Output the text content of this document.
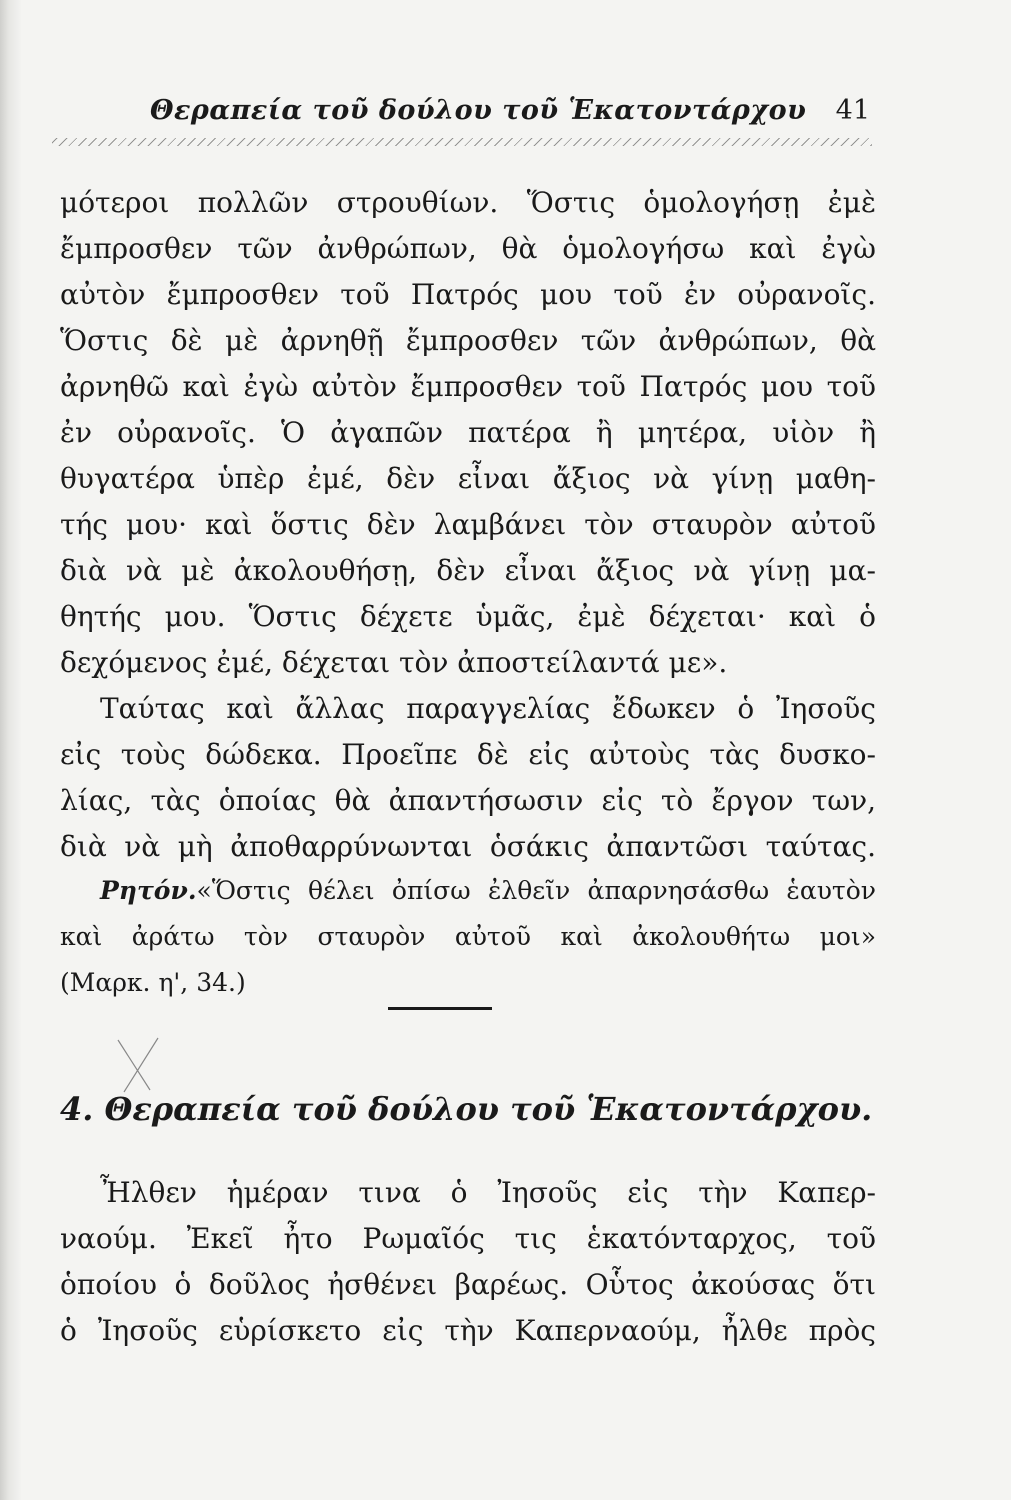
Θεραπεία τοῦ δούλου τοῦ Ἑκατοντάρχου 41
μότεροι πολλῶν στρουθίων. Ὅστις ὁμολογήσῃ ἐμὲ
ἔμπροσθεν τῶν ἀνθρώπων, θὰ ὁμολογήσω καὶ ἐγὼ
αὐτὸν ἔμπροσθεν τοῦ Πατρός μου τοῦ ἐν οὐρανοῖς.
Ὅστις δὲ μὲ ἀρνηθῇ ἔμπροσθεν τῶν ἀνθρώπων, θὰ
ἀρνηθῶ καὶ ἐγὼ αὐτὸν ἔμπροσθεν τοῦ Πατρός μου τοῦ
ἐν οὐρανοῖς. Ὁ ἀγαπῶν πατέρα ἢ μητέρα, υἱὸν ἢ
θυγατέρα ὑπὲρ ἐμέ, δὲν εἶναι ἄξιος νὰ γίνῃ μαθη-
τής μου· καὶ ὅστις δὲν λαμβάνει τὸν σταυρὸν αὐτοῦ
διὰ νὰ μὲ ἀκολουθήσῃ, δὲν εἶναι ἄξιος νὰ γίνῃ μα-
θητής μου. Ὅστις δέχετε ὑμᾶς, ἐμὲ δέχεται· καὶ ὁ
δεχόμενος ἐμέ, δέχεται τὸν ἀποστείλαντά με».
Ταύτας καὶ ἄλλας παραγγελίας ἔδωκεν ὁ Ἰησοῦς
εἰς τοὺς δώδεκα. Προεῖπε δὲ εἰς αὐτοὺς τὰς δυσκο-
λίας, τὰς ὁποίας θὰ ἀπαντήσωσιν εἰς τὸ ἔργον των,
διὰ νὰ μὴ ἀποθαρρύνωνται ὁσάκις ἀπαντῶσι ταύτας.
Ρητόν.«Ὅστις θέλει ὀπίσω ἐλθεῖν ἀπαρνησάσθω ἑαυτὸν
καὶ ἀράτω τὸν σταυρὸν αὐτοῦ καὶ ἀκολουθήτω μοι»
(Μαρκ. η', 34.)
4. Θεραπεία τοῦ δούλου τοῦ Ἑκατοντάρχου.
Ἦλθεν ἡμέραν τινα ὁ Ἰησοῦς εἰς τὴν Καπερ-
ναούμ. Ἐκεῖ ἦτο Ρωμαῖός τις ἑκατόνταρχος, τοῦ
ὁποίου ὁ δοῦλος ἠσθένει βαρέως. Οὗτος ἀκούσας ὅτι
ὁ Ἰησοῦς εὑρίσκετο εἰς τὴν Καπερναούμ, ἦλθε πρὸς
